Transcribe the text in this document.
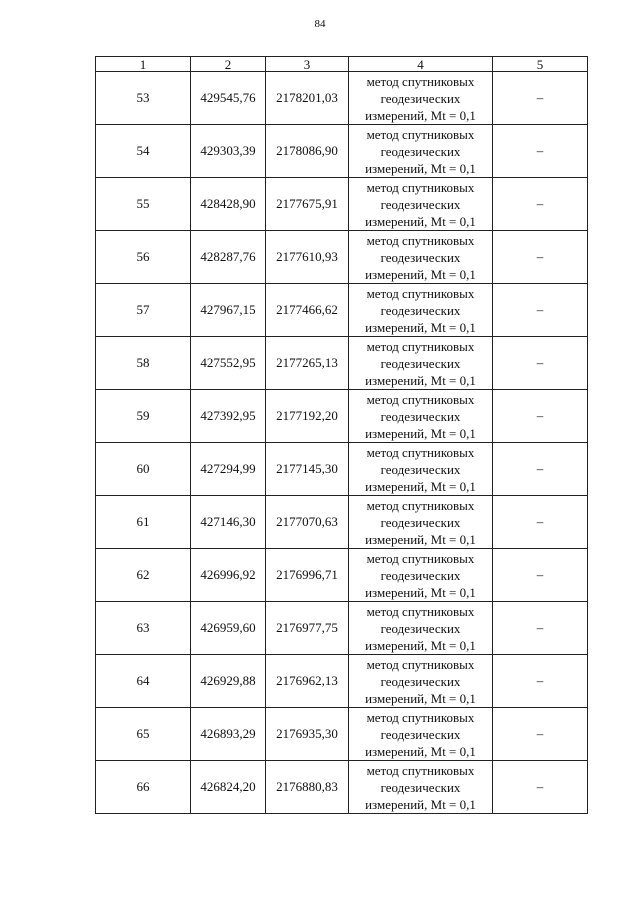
84
1	2	3	4	5
53	429545,76	2178201,03	метод спутниковых
геодезических
измерений, Mt = 0,1	–
54	429303,39	2178086,90	метод спутниковых
геодезических
измерений, Mt = 0,1	–
55	428428,90	2177675,91	метод спутниковых
геодезических
измерений, Mt = 0,1	–
56	428287,76	2177610,93	метод спутниковых
геодезических
измерений, Mt = 0,1	–
57	427967,15	2177466,62	метод спутниковых
геодезических
измерений, Mt = 0,1	–
58	427552,95	2177265,13	метод спутниковых
геодезических
измерений, Mt = 0,1	–
59	427392,95	2177192,20	метод спутниковых
геодезических
измерений, Mt = 0,1	–
60	427294,99	2177145,30	метод спутниковых
геодезических
измерений, Mt = 0,1	–
61	427146,30	2177070,63	метод спутниковых
геодезических
измерений, Mt = 0,1	–
62	426996,92	2176996,71	метод спутниковых
геодезических
измерений, Mt = 0,1	–
63	426959,60	2176977,75	метод спутниковых
геодезических
измерений, Mt = 0,1	–
64	426929,88	2176962,13	метод спутниковых
геодезических
измерений, Mt = 0,1	–
65	426893,29	2176935,30	метод спутниковых
геодезических
измерений, Mt = 0,1	–
66	426824,20	2176880,83	метод спутниковых
геодезических
измерений, Mt = 0,1	–
